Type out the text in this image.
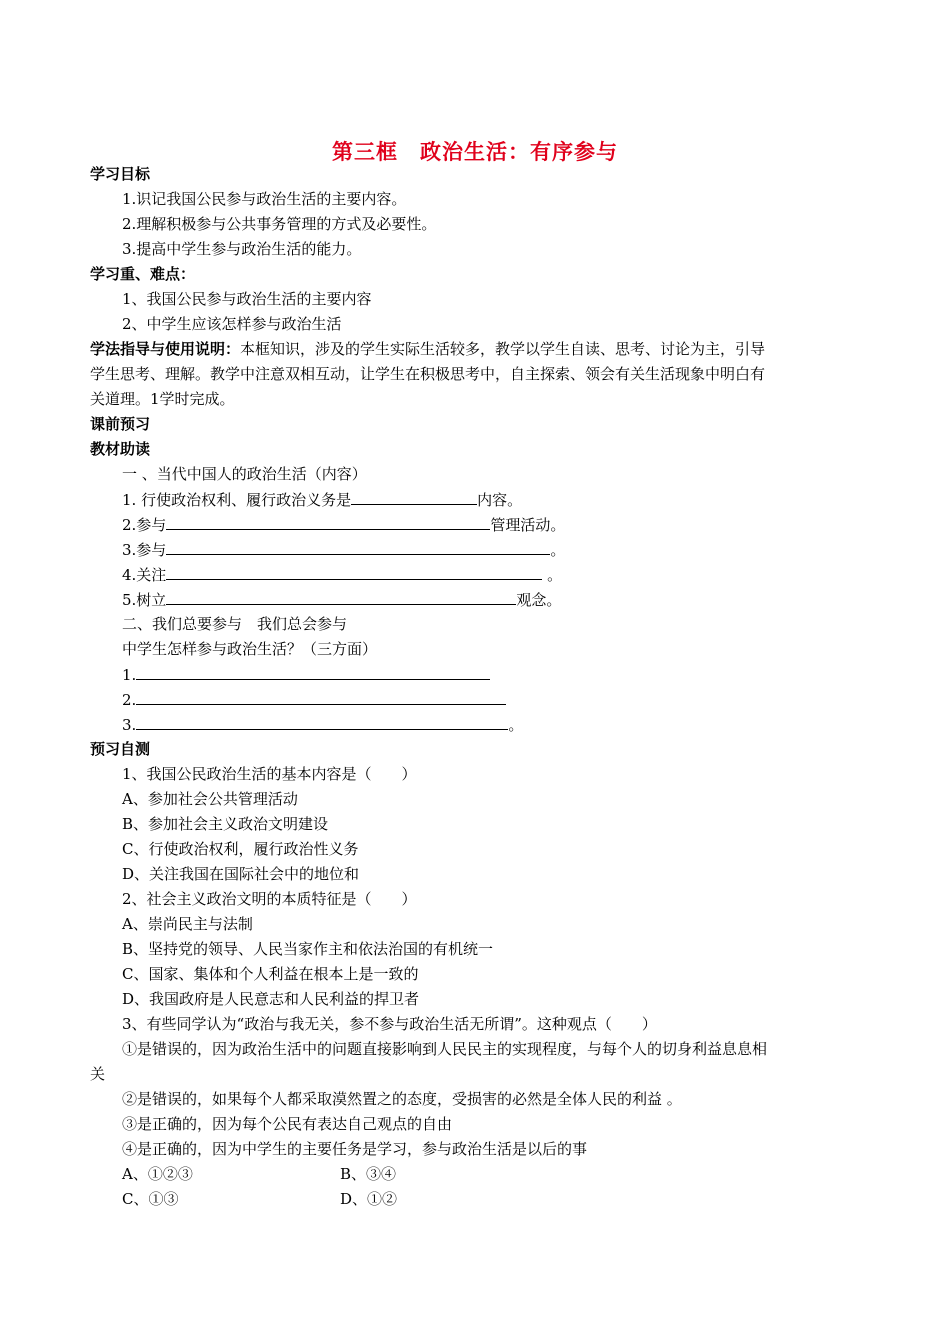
第三框　政治生活：有序参与
学习目标
1.识记我国公民参与政治生活的主要内容。
2.理解积极参与公共事务管理的方式及必要性。
3.提高中学生参与政治生活的能力。
学习重、难点：
1、我国公民参与政治生活的主要内容
2、中学生应该怎样参与政治生活
学法指导与使用说明：本框知识，涉及的学生实际生活较多，教学以学生自读、思考、讨论为主，引导
学生思考、理解。教学中注意双相互动，让学生在积极思考中，自主探索、领会有关生活现象中明白有
关道理。1学时完成。
课前预习
教材助读
一 、当代中国人的政治生活（内容）
1. 行使政治权利、履行政治义务是	内容。
2.参与	管理活动。
3.参与	。
4.关注	。
5.树立	观念。
二、我们总要参与　我们总会参与
中学生怎样参与政治生活？（三方面）
1.
2.
3.	。
预习自测
1、我国公民政治生活的基本内容是（　　）
A、参加社会公共管理活动
B、参加社会主义政治文明建设
C、行使政治权利，履行政治性义务
D、关注我国在国际社会中的地位和
2、社会主义政治文明的本质特征是（　　）
A、崇尚民主与法制
B、坚持党的领导、人民当家作主和依法治国的有机统一
C、国家、集体和个人利益在根本上是一致的
D、我国政府是人民意志和人民利益的捍卫者
3、有些同学认为“政治与我无关，参不参与政治生活无所谓”。这种观点（　　）
①是错误的，因为政治生活中的问题直接影响到人民民主的实现程度，与每个人的切身利益息息相
关
②是错误的，如果每个人都采取漠然置之的态度，受损害的必然是全体人民的利益 。
③是正确的，因为每个公民有表达自己观点的自由
④是正确的，因为中学生的主要任务是学习，参与政治生活是以后的事
A、①②③	B、③④
C、①③	D、①②
